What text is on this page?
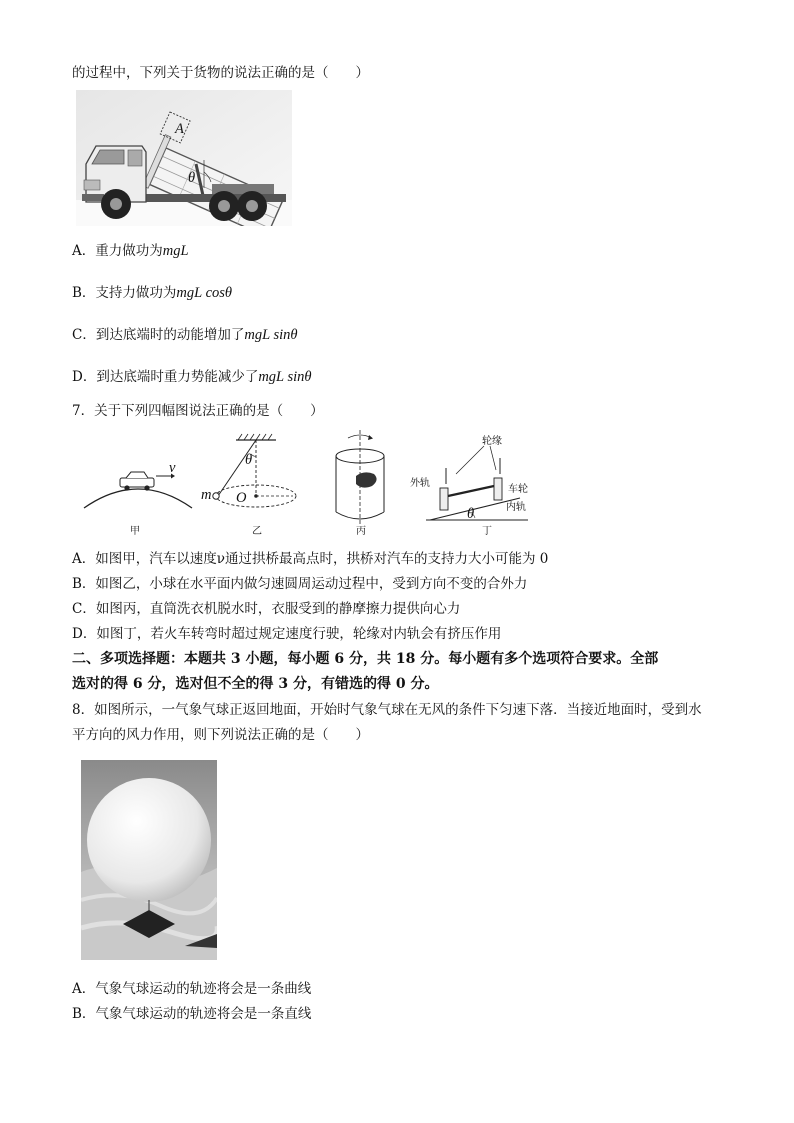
的过程中，下列关于货物的说法正确的是（　　）
A
θ
A．重力做功为mgL
B．支持力做功为mgL cosθ
C．到达底端时的动能增加了mgL sinθ
D．到达底端时重力势能减少了mgL sinθ
7．关于下列四幅图说法正确的是（　　）
v
甲
θ
m O
乙	丙
轮缘
外轨
车轮
内轨
θ
丁
A．如图甲，汽车以速度ν通过拱桥最高点时，拱桥对汽车的支持力大小可能为 0
B．如图乙，小球在水平面内做匀速圆周运动过程中，受到方向不变的合外力
C．如图丙，直筒洗衣机脱水时，衣服受到的静摩擦力提供向心力
D．如图丁，若火车转弯时超过规定速度行驶，轮缘对内轨会有挤压作用
二、多项选择题：本题共 3 小题，每小题 6 分，共 18 分。每小题有多个选项符合要求。全部
选对的得 6 分，选对但不全的得 3 分，有错选的得 0 分。
8．如图所示，一气象气球正返回地面，开始时气象气球在无风的条件下匀速下落．当接近地面时，受到水
平方向的风力作用，则下列说法正确的是（　　）
A．气象气球运动的轨迹将会是一条曲线
B．气象气球运动的轨迹将会是一条直线
